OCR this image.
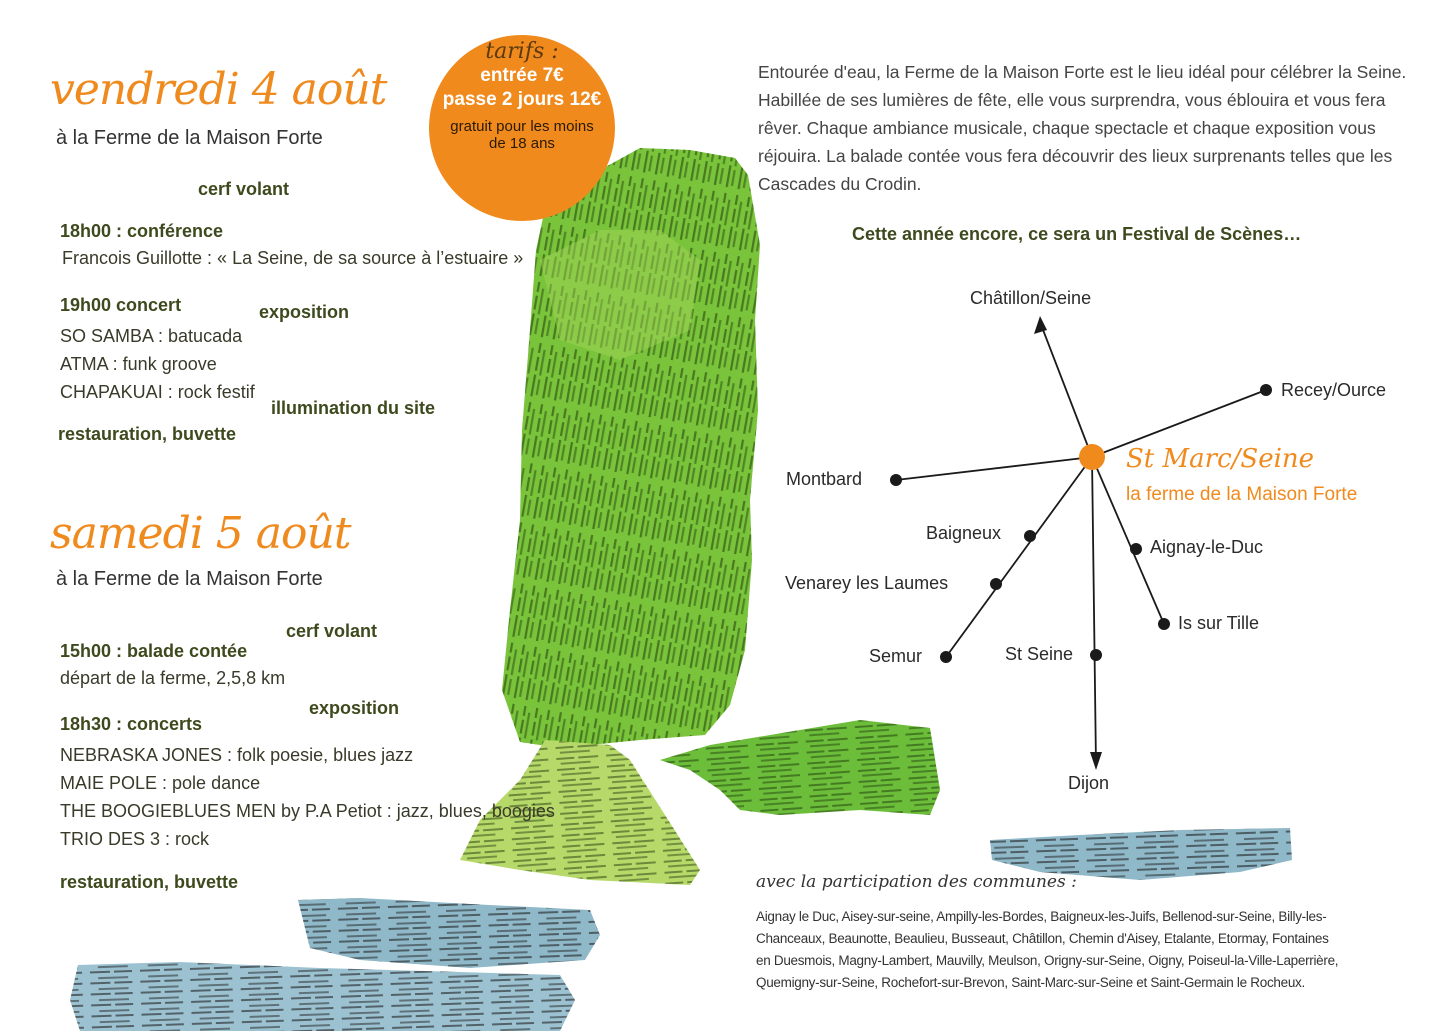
vendredi 4 août
à la Ferme de la Maison Forte
cerf volant
18h00 : conférence
Francois Guillotte : « La Seine, de sa source à l’estuaire »
19h00 concert	exposition
SO SAMBA : batucada
ATMA : funk groove
CHAPAKUAI : rock festif
illumination du site
restauration, buvette
samedi 5 août
à la Ferme de la Maison Forte
cerf volant
15h00 : balade contée
départ de la ferme, 2,5,8 km
exposition
18h30 : concerts
NEBRASKA JONES : folk poesie, blues jazz
MAIE POLE : pole dance
THE BOOGIEBLUES MEN by P.A Petiot : jazz, blues, boogies
TRIO DES 3 : rock
restauration, buvette
tarifs :
entrée 7€
passe 2 jours 12€
gratuit pour les moins de 18 ans
Entourée d'eau, la Ferme de la Maison Forte est le lieu idéal pour célébrer la Seine. Habillée de ses lumières de fête, elle vous surprendra, vous éblouira et vous fera rêver. Chaque ambiance musicale, chaque spectacle et chaque exposition vous réjouira. La balade contée vous fera découvrir des lieux surprenants telles que les Cascades du Crodin.
Cette année encore, ce sera un Festival de Scènes…
Châtillon/Seine
Recey/Ource
Montbard
Baigneux
Venarey les Laumes
Semur	St Seine
Dijon
Aignay-le-Duc
Is sur Tille
St Marc/Seine
la ferme de la Maison Forte
avec la participation des communes :
Aignay le Duc, Aisey-sur-seine, Ampilly-les-Bordes, Baigneux-les-Juifs, Bellenod-sur-Seine, Billy-les-Chanceaux, Beaunotte, Beaulieu, Busseaut, Châtillon, Chemin d'Aisey, Etalante, Etormay, Fontaines en Duesmois, Magny-Lambert, Mauvilly, Meulson, Origny-sur-Seine, Oigny, Poiseul-la-Ville-Laperrière, Quemigny-sur-Seine, Rochefort-sur-Brevon, Saint-Marc-sur-Seine et Saint-Germain le Rocheux.
